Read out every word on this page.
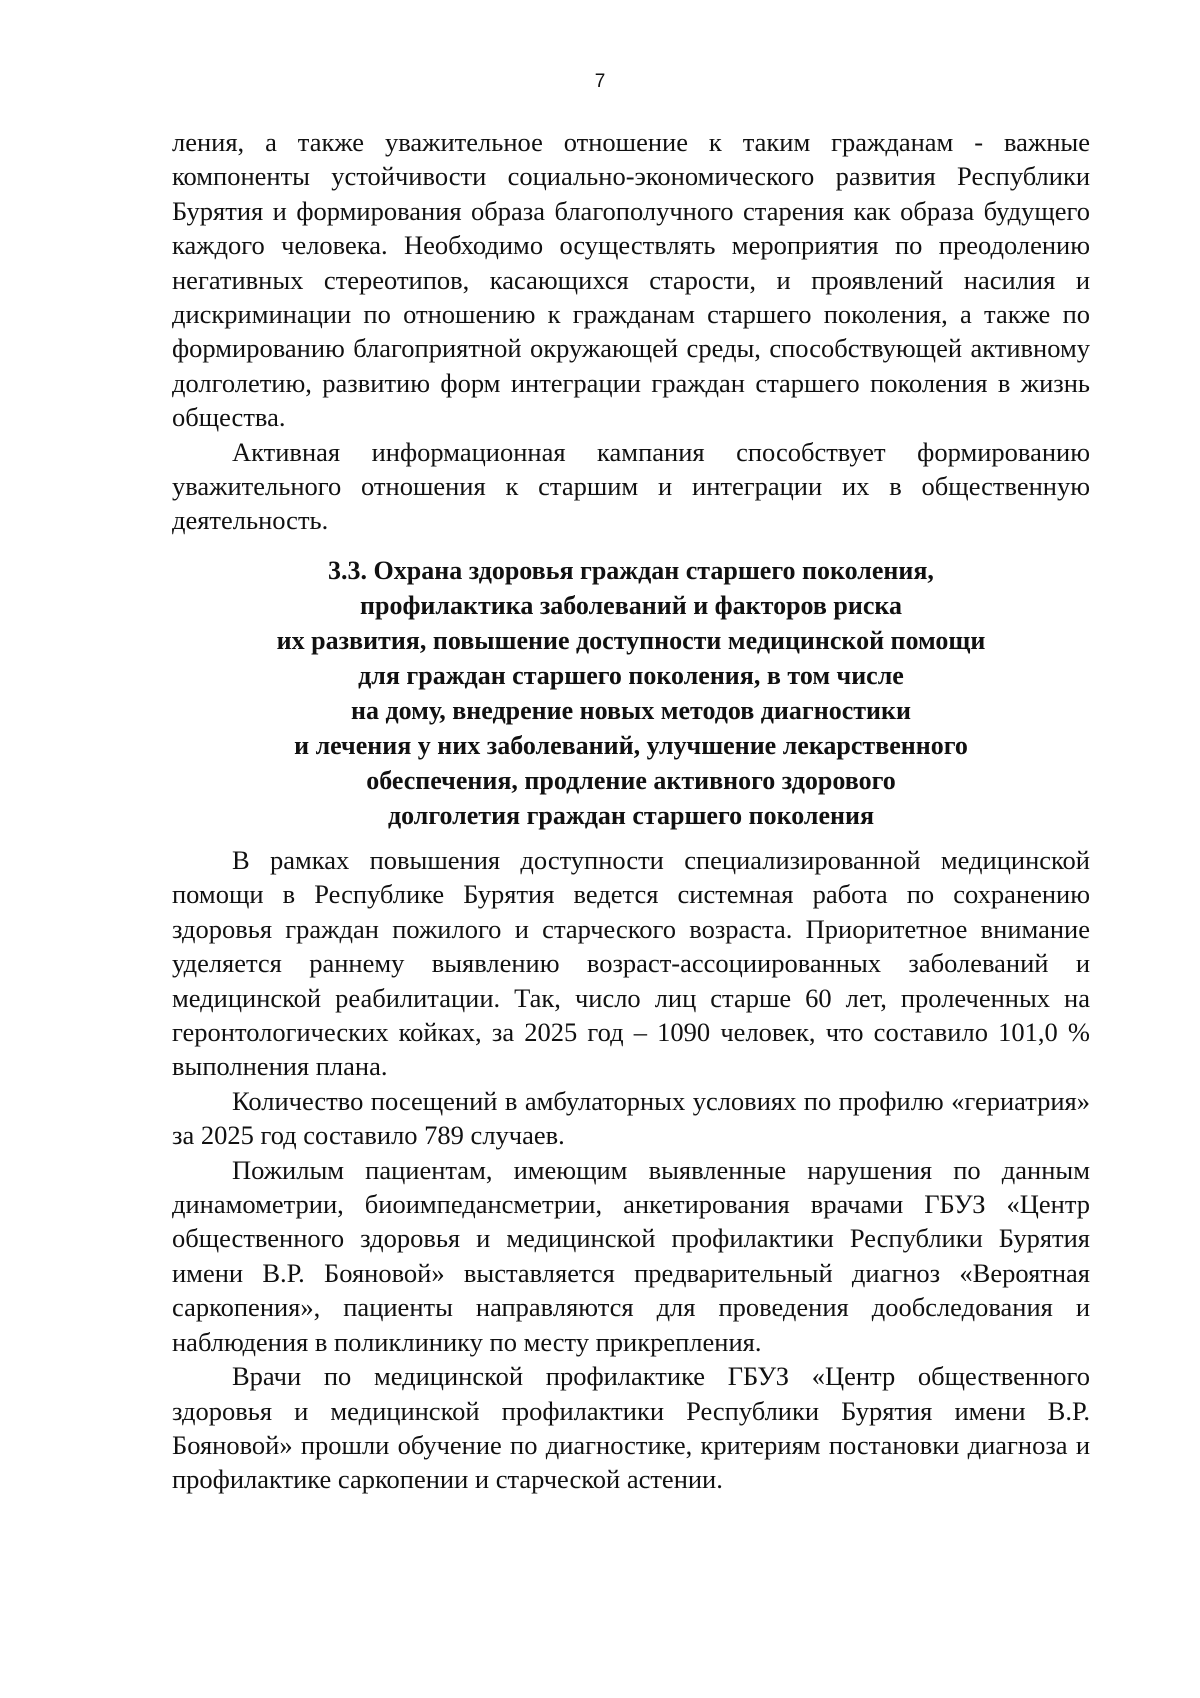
7

ления, а также уважительное отношение к таким гражданам - важные компоненты устойчивости социально-экономического развития Республики Бурятия и формирования образа благополучного старения как образа будущего каждого человека. Необходимо осуществлять мероприятия по преодолению негативных стереотипов, касающихся старости, и проявлений насилия и дискриминации по отношению к гражданам старшего поколения, а также по формированию благоприятной окружающей среды, способствующей активному долголетию, развитию форм интеграции граждан старшего поколения в жизнь общества.

Активная информационная кампания способствует формированию уважительного отношения к старшим и интеграции их в общественную деятельность.

3.3. Охрана здоровья граждан старшего поколения,
профилактика заболеваний и факторов риска
их развития, повышение доступности медицинской помощи
для граждан старшего поколения, в том числе
на дому, внедрение новых методов диагностики
и лечения у них заболеваний, улучшение лекарственного
обеспечения, продление активного здорового
долголетия граждан старшего поколения

В рамках повышения доступности специализированной медицинской помощи в Республике Бурятия ведется системная работа по сохранению здоровья граждан пожилого и старческого возраста. Приоритетное внимание уделяется раннему выявлению возраст-ассоциированных заболеваний и медицинской реабилитации. Так, число лиц старше 60 лет, пролеченных на геронтологических койках, за 2025 год – 1090 человек, что составило 101,0 % выполнения плана.

Количество посещений в амбулаторных условиях по профилю «гериатрия» за 2025 год составило 789 случаев.

Пожилым пациентам, имеющим выявленные нарушения по данным динамометрии, биоимпедансметрии, анкетирования врачами ГБУЗ «Центр общественного здоровья и медицинской профилактики Республики Бурятия имени В.Р. Бояновой» выставляется предварительный диагноз «Вероятная саркопения», пациенты направляются для проведения дообследования и наблюдения в поликлинику по месту прикрепления.

Врачи по медицинской профилактике ГБУЗ «Центр общественного здоровья и медицинской профилактики Республики Бурятия имени В.Р. Бояновой» прошли обучение по диагностике, критериям постановки диагноза и профилактике саркопении и старческой астении.
